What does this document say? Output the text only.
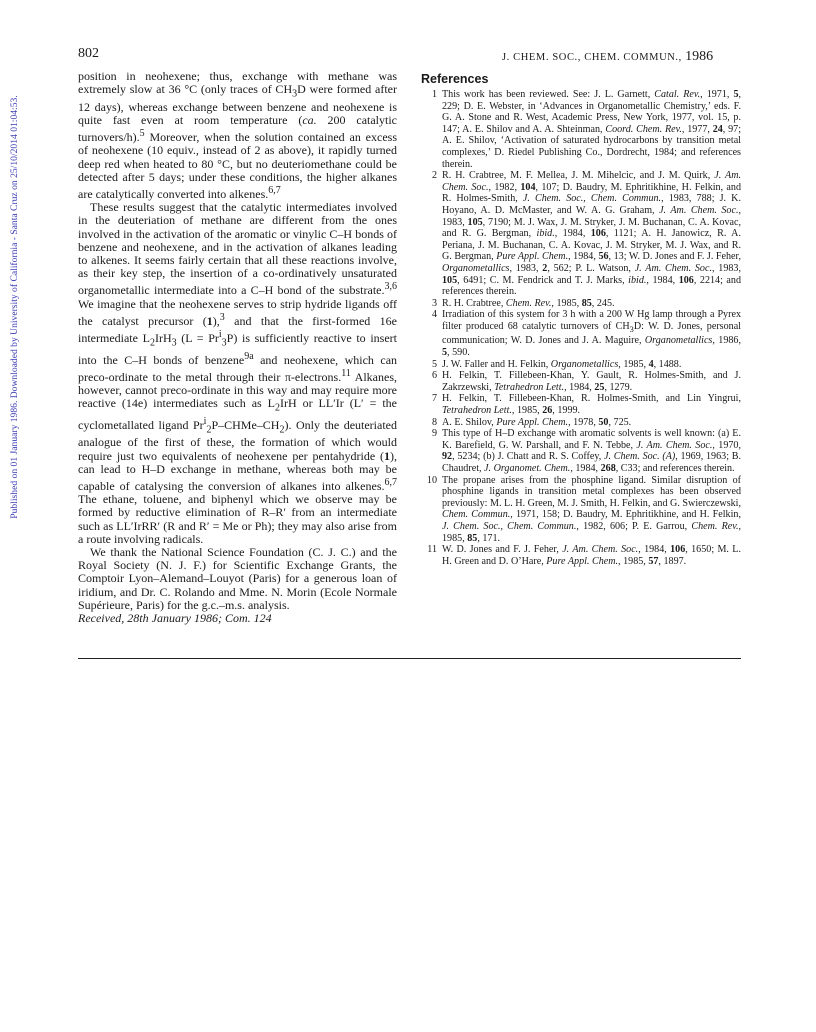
Published on 01 January 1986. Downloaded by University of California - Santa Cruz on 25/10/2014 01:04:53.
802	J. CHEM. SOC., CHEM. COMMUN., 1986

position in neohexene; thus, exchange with methane was extremely slow at 36 °C (only traces of $CH_3D$ were formed after 12 days), whereas exchange between benzene and neohexene is quite fast even at room temperature (ca. 200 catalytic turnovers/h).$^5$ Moreover, when the solution contained an excess of neohexene (10 equiv., instead of 2 as above), it rapidly turned deep red when heated to 80 °C, but no deuteriomethane could be detected after 5 days; under these conditions, the higher alkanes are catalytically converted into alkenes.$^{6,7}$

These results suggest that the catalytic intermediates involved in the deuteriation of methane are different from the ones involved in the activation of the aromatic or vinylic C–H bonds of benzene and neohexene, and in the activation of alkanes leading to alkenes. It seems fairly certain that all these reactions involve, as their key step, the insertion of a co-ordinatively unsaturated organometallic intermediate into a C–H bond of the substrate.$^{3,6}$ We imagine that the neohexene serves to strip hydride ligands off the catalyst precursor (1),$^3$ and that the first-formed 16e intermediate $L_2IrH_3$ $(L = Pr^i_3P)$ is sufficiently reactive to insert into the C–H bonds of benzene$^{9a}$ and neohexene, which can preco-ordinate to the metal through their π-electrons.$^{11}$ Alkanes, however, cannot preco-ordinate in this way and may require more reactive (14e) intermediates such as $L_2IrH$ or LL′Ir (L′ = the cyclometallated ligand $Pr^i_2P-CHMe-CH_2$). Only the deuteriated analogue of the first of these, the formation of which would require just two equivalents of neohexene per pentahydride (1), can lead to H–D exchange in methane, whereas both may be capable of catalysing the conversion of alkanes into alkenes.$^{6,7}$ The ethane, toluene, and biphenyl which we observe may be formed by reductive elimination of R–R′ from an intermediate such as LL′IrRR′ (R and R′ = Me or Ph); they may also arise from a route involving radicals.

We thank the National Science Foundation (C. J. C.) and the Royal Society (N. J. F.) for Scientific Exchange Grants, the Comptoir Lyon–Alemand–Louyot (Paris) for a generous loan of iridium, and Dr. C. Rolando and Mme. N. Morin (Ecole Normale Supérieure, Paris) for the g.c.–m.s. analysis.

Received, 28th January 1986; Com. 124

References
1 This work has been reviewed. See: J. L. Garnett, Catal. Rev., 1971, 5, 229; D. E. Webster, in ‘Advances in Organometallic Chemistry,’ eds. F. G. A. Stone and R. West, Academic Press, New York, 1977, vol. 15, p. 147; A. E. Shilov and A. A. Shteinman, Coord. Chem. Rev., 1977, 24, 97; A. E. Shilov, ‘Activation of saturated hydrocarbons by transition metal complexes,’ D. Riedel Publishing Co., Dordrecht, 1984; and references therein.
2 R. H. Crabtree, M. F. Mellea, J. M. Mihelcic, and J. M. Quirk, J. Am. Chem. Soc., 1982, 104, 107; D. Baudry, M. Ephritikhine, H. Felkin, and R. Holmes-Smith, J. Chem. Soc., Chem. Commun., 1983, 788; J. K. Hoyano, A. D. McMaster, and W. A. G. Graham, J. Am. Chem. Soc., 1983, 105, 7190; M. J. Wax, J. M. Stryker, J. M. Buchanan, C. A. Kovac, and R. G. Bergman, ibid., 1984, 106, 1121; A. H. Janowicz, R. A. Periana, J. M. Buchanan, C. A. Kovac, J. M. Stryker, M. J. Wax, and R. G. Bergman, Pure Appl. Chem., 1984, 56, 13; W. D. Jones and F. J. Feher, Organometallics, 1983, 2, 562; P. L. Watson, J. Am. Chem. Soc., 1983, 105, 6491; C. M. Fendrick and T. J. Marks, ibid., 1984, 106, 2214; and references therein.
3 R. H. Crabtree, Chem. Rev., 1985, 85, 245.
4 Irradiation of this system for 3 h with a 200 W Hg lamp through a Pyrex filter produced 68 catalytic turnovers of $CH_3D$: W. D. Jones, personal communication; W. D. Jones and J. A. Maguire, Organometallics, 1986, 5, 590.
5 J. W. Faller and H. Felkin, Organometallics, 1985, 4, 1488.
6 H. Felkin, T. Fillebeen-Khan, Y. Gault, R. Holmes-Smith, and J. Zakrzewski, Tetrahedron Lett., 1984, 25, 1279.
7 H. Felkin, T. Fillebeen-Khan, R. Holmes-Smith, and Lin Yingrui, Tetrahedron Lett., 1985, 26, 1999.
8 A. E. Shilov, Pure Appl. Chem., 1978, 50, 725.
9 This type of H–D exchange with aromatic solvents is well known: (a) E. K. Barefield, G. W. Parshall, and F. N. Tebbe, J. Am. Chem. Soc., 1970, 92, 5234; (b) J. Chatt and R. S. Coffey, J. Chem. Soc. (A), 1969, 1963; B. Chaudret, J. Organomet. Chem., 1984, 268, C33; and references therein.
10 The propane arises from the phosphine ligand. Similar disruption of phosphine ligands in transition metal complexes has been observed previously: M. L. H. Green, M. J. Smith, H. Felkin, and G. Swierczewski, Chem. Commun., 1971, 158; D. Baudry, M. Ephritikhine, and H. Felkin, J. Chem. Soc., Chem. Commun., 1982, 606; P. E. Garrou, Chem. Rev., 1985, 85, 171.
11 W. D. Jones and F. J. Feher, J. Am. Chem. Soc., 1984, 106, 1650; M. L. H. Green and D. O’Hare, Pure Appl. Chem., 1985, 57, 1897.
